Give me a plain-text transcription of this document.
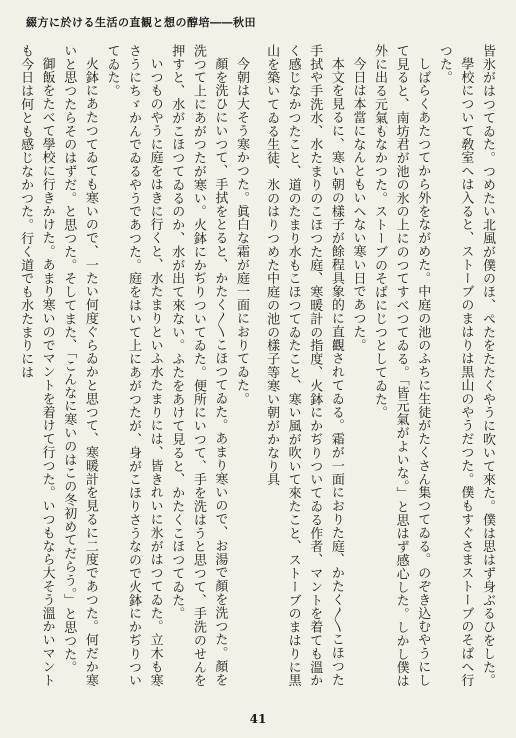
綴方に於ける生活の直観と想の醇培――秋田

皆氷がはつてゐた。つめたい北風が僕のほ、ぺたをたたくやうに吹いて來た。僕は思はず身ぶるひをした。

學校について敎室へは入ると、ストーブのまはりは黒山のやうだつた。僕もすぐさまストーブのそばへ行つた。

しばらくあたつてから外をながめた。中庭の池のふちに生徒がたくさん集つてゐる。のぞき込むやうにして見ると、南坊君が池の氷の上にのつてすべつてゐる。「皆元氣がよいな。」と思はず感心した。しかし僕は外に出る元氣もなかつた。ストーブのそばにじつとしてゐた。

今日は本當になんともいへない寒い日であつた。

本文を見るに、寒い朝の樣子が餘程具象的に直觀されてゐる。霜が一面におりた庭、かたく〳〵こほつた手拭や手洗水、水たまりのこほつた庭、寒暖計の指度、火鉢にかぢりついてゐる作者、マントを着ても溫かく感じなかつたこと、道のたまり水もこほつてゐたこと、寒い風が吹いて來たこと、ストーブのまはりに黒山を築いてゐる生徒、氷のはりつめた中庭の池の樣子等寒い朝がかなり具

今朝は大そう寒かつた。眞白な霜が庭一面におりてゐた。

顏を洗ひにいつて、手拭をとると、かたく〳〵こほつてゐた。あまり寒いので、お湯で顏を洗つた。顏を洗つて上にあがつたが寒い。火鉢にかぢりついてゐた。便所にいつて、手を洗はうと思つて、手洗のせんを押すと、水がこほつてゐるのか、水が出て來ない。ふたをあけて見ると、かたくこほつてゐた。

いつものやうに庭をはきに行くと、水たまりといふ水たまりには、皆きれいに氷がはつてゐた。立木も寒さうにちゞかんでゐるやうであつた。庭をはいて上にあがつたが、身がこほりさうなので火鉢にかぢりついてゐた。

火鉢にあたつてゐても寒いので、一たい何度ぐらゐかと思つて、寒暖計を見るに二度であつた。何だか寒いと思つたらそのはずだ。と思つた。そしてまた、「こんなに寒いのはこの冬初めてだらう。」と思つた。

御飯をたべて學校に行きかけた。あまり寒いのでマントを着けて行つた。いつもなら大そう溫かいマントも今日は何とも感じなかつた。行く道でも水たまりには

41
